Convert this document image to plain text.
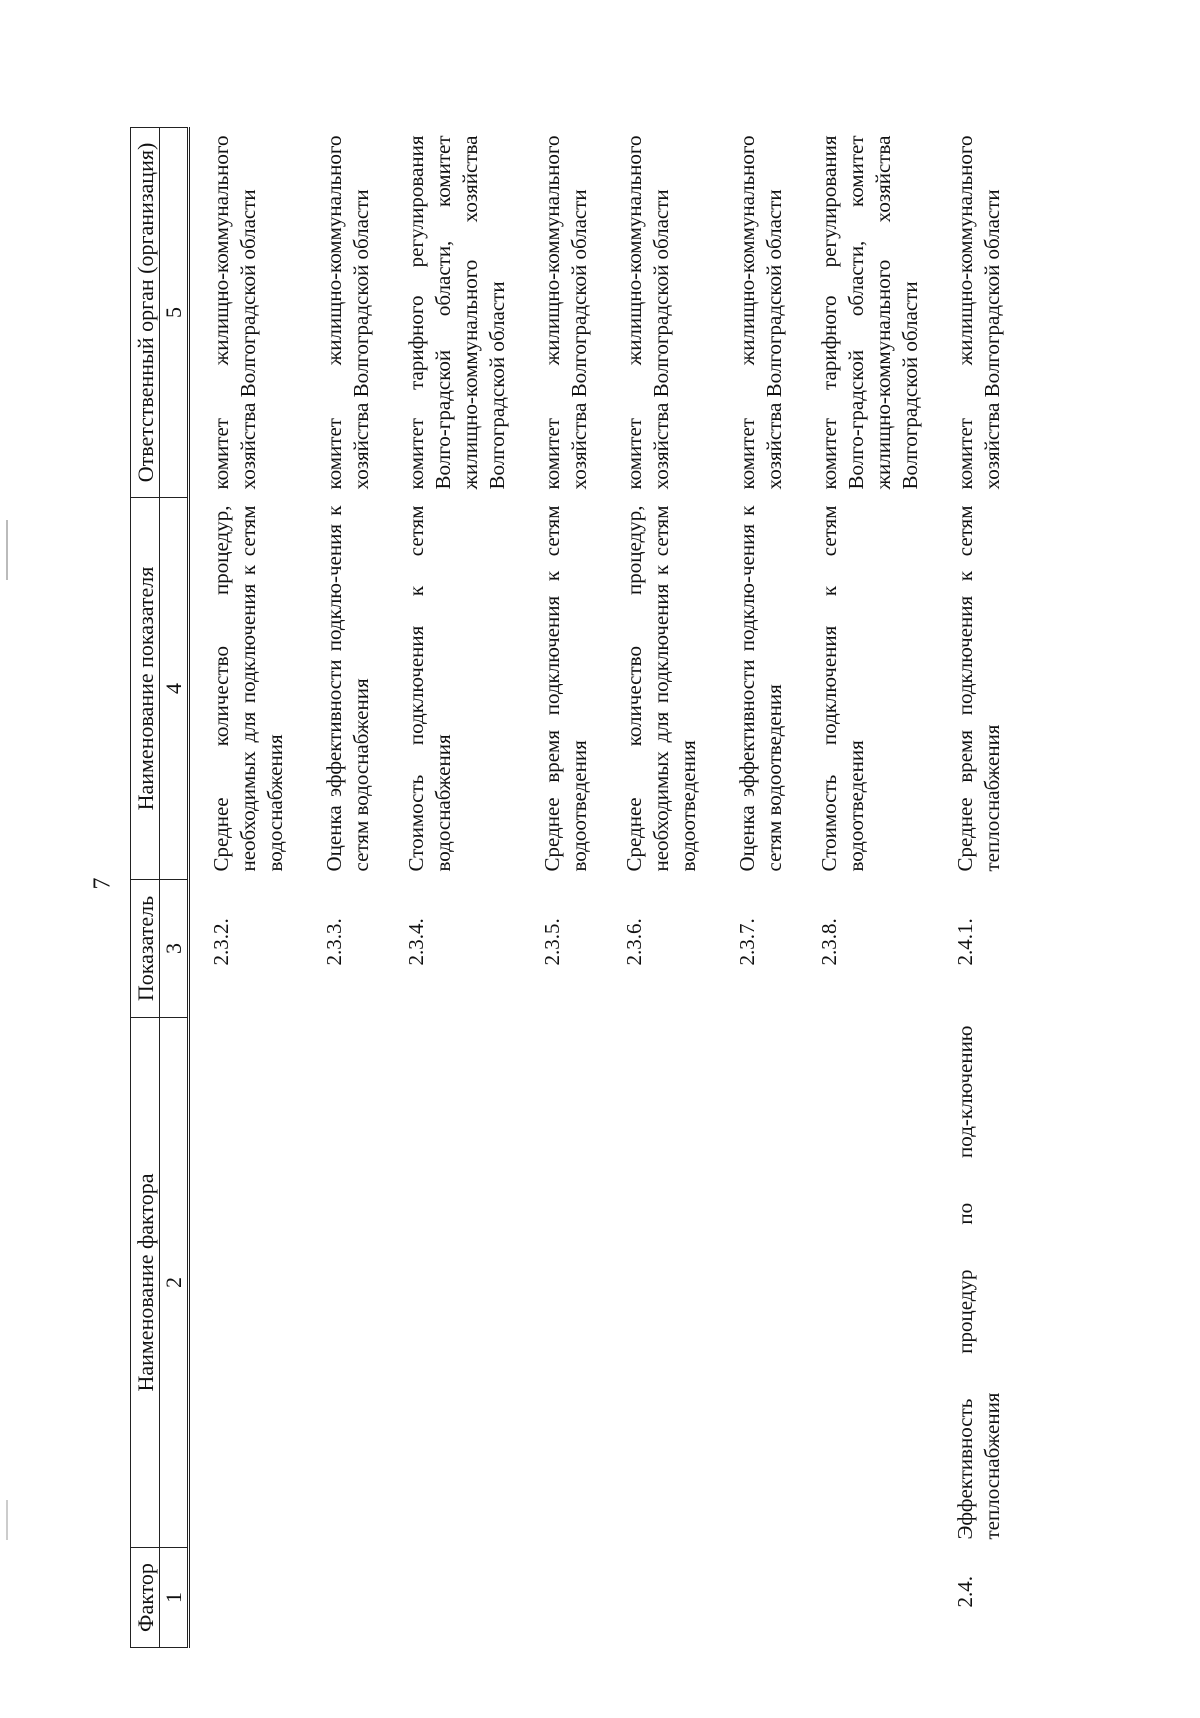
7
Фактор	Наименование фактора	Показатель	Наименование показателя	Ответственный орган (организация)
1	2	3	4	5
		2.3.2.	Среднее количество процедур, необходимых для подключения к сетям водоснабжения	комитет жилищно-коммунального хозяйства Волгоградской области
		2.3.3.	Оценка эффективности подклю-чения к сетям водоснабжения	комитет жилищно-коммунального хозяйства Волгоградской области
		2.3.4.	Стоимость подключения к сетям водоснабжения	комитет тарифного регулирования Волго-градской области, комитет жилищно-коммунального хозяйства Волгоградской области
		2.3.5.	Среднее время подключения к сетям водоотведения	комитет жилищно-коммунального хозяйства Волгоградской области
		2.3.6.	Среднее количество процедур, необходимых для подключения к сетям водоотведения	комитет жилищно-коммунального хозяйства Волгоградской области
		2.3.7.	Оценка эффективности подклю-чения к сетям водоотведения	комитет жилищно-коммунального хозяйства Волгоградской области
		2.3.8.	Стоимость подключения к сетям водоотведения	комитет тарифного регулирования Волго-градской области, комитет жилищно-коммунального хозяйства Волгоградской области
2.4.	Эффективность процедур по под-ключению теплоснабжения	2.4.1.	Среднее время подключения к сетям теплоснабжения	комитет жилищно-коммунального хозяйства Волгоградской области
